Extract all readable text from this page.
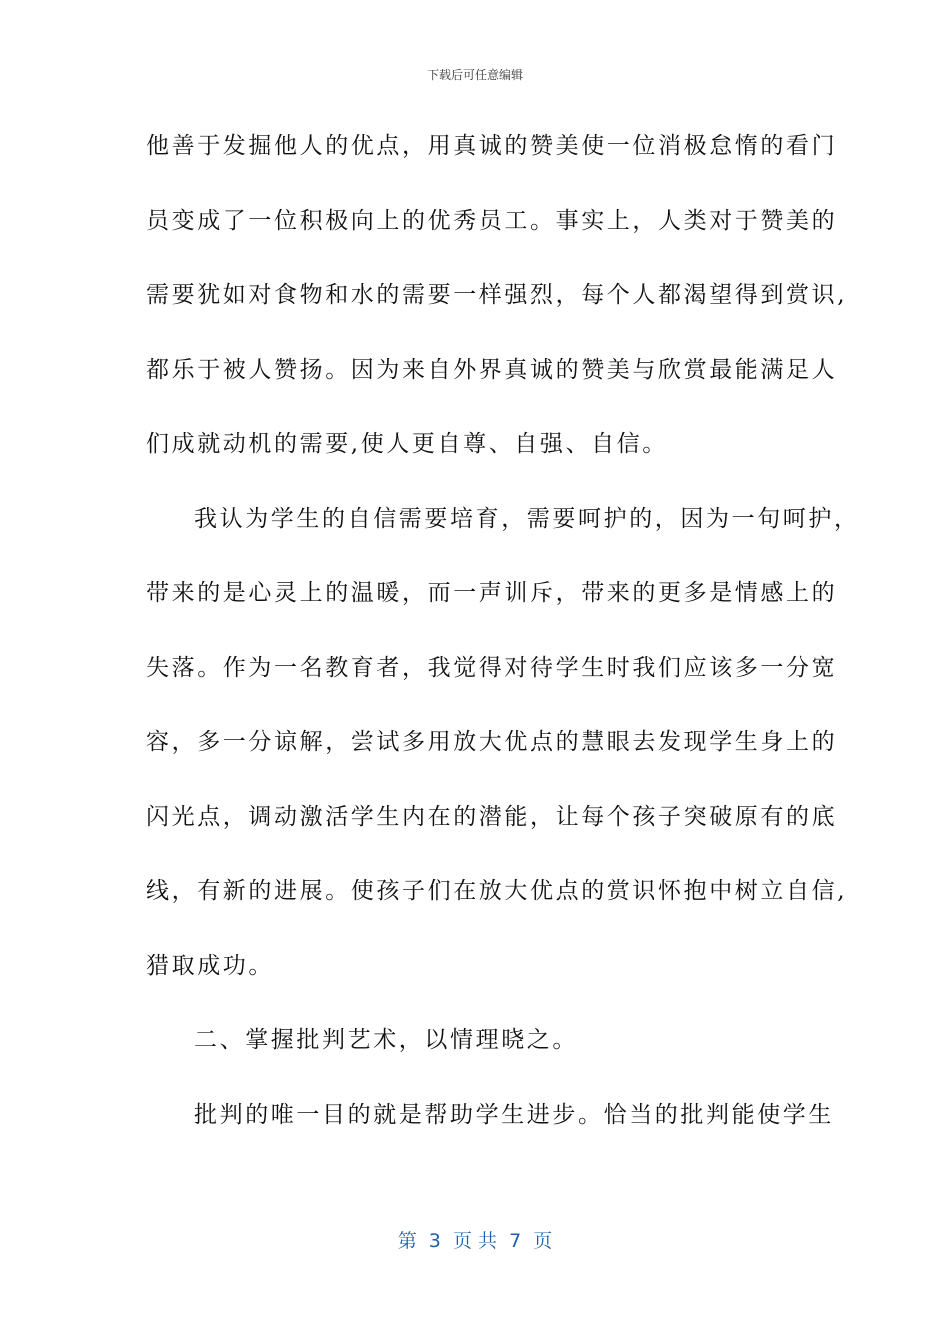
下载后可任意编辑
他善于发掘他人的优点，用真诚的赞美使一位消极怠惰的看门
员变成了一位积极向上的优秀员工。事实上，人类对于赞美的
需要犹如对食物和水的需要一样强烈，每个人都渴望得到赏识,
都乐于被人赞扬。因为来自外界真诚的赞美与欣赏最能满足人
们成就动机的需要,使人更自尊、自强、自信。
我认为学生的自信需要培育，需要呵护的，因为一句呵护，
带来的是心灵上的温暖，而一声训斥，带来的更多是情感上的
失落。作为一名教育者，我觉得对待学生时我们应该多一分宽
容，多一分谅解，尝试多用放大优点的慧眼去发现学生身上的
闪光点，调动激活学生内在的潜能，让每个孩子突破原有的底
线，有新的进展。使孩子们在放大优点的赏识怀抱中树立自信,
猎取成功。
二、掌握批判艺术，以情理晓之。
批判的唯一目的就是帮助学生进步。恰当的批判能使学生
第  3  页 共  7  页
